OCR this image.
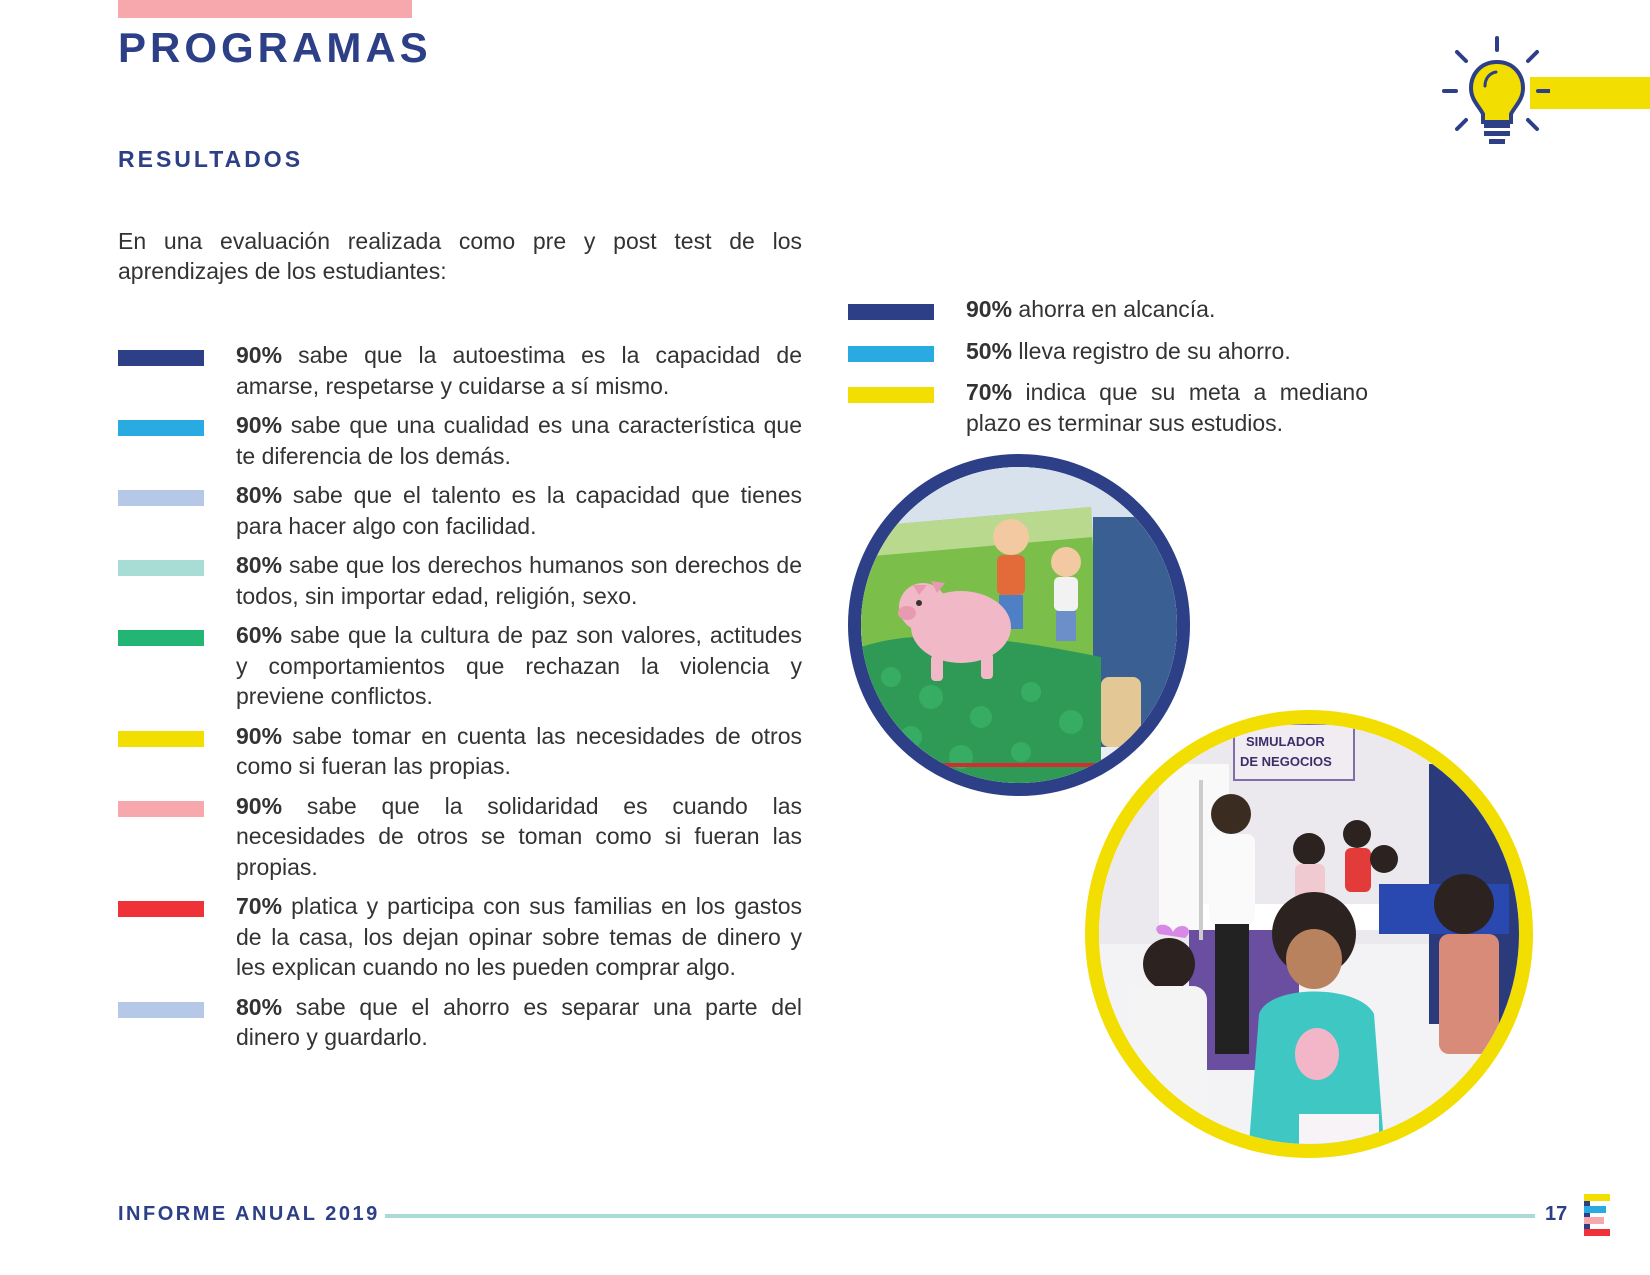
PROGRAMAS
RESULTADOS

En una evaluación realizada como pre y post test de los aprendizajes de los estudiantes:

90% sabe que la autoestima es la capacidad de amarse, respetarse y cuidarse a sí mismo.
90% sabe que una cualidad es una característica que te diferencia de los demás.
80% sabe que el talento es la capacidad que tienes para hacer algo con facilidad.
80% sabe que los derechos humanos son derechos de todos, sin importar edad, religión, sexo.
60% sabe que la cultura de paz son valores, actitudes y comportamientos que rechazan la violencia y previene conflictos.
90% sabe tomar en cuenta las necesidades de otros como si fueran las propias.
90% sabe que la solidaridad es cuando las necesidades de otros se toman como si fueran las propias.
70% platica y participa con sus familias en los gastos de la casa, los dejan opinar sobre temas de dinero y les explican cuando no les pueden comprar algo.
80% sabe que el ahorro es separar una parte del dinero y guardarlo.
90% ahorra en alcancía.
50% lleva registro de su ahorro.
70% indica que su meta a mediano plazo es terminar sus estudios.
SIMULADOR
DE NEGOCIOS
INFORME ANUAL 2019	17
